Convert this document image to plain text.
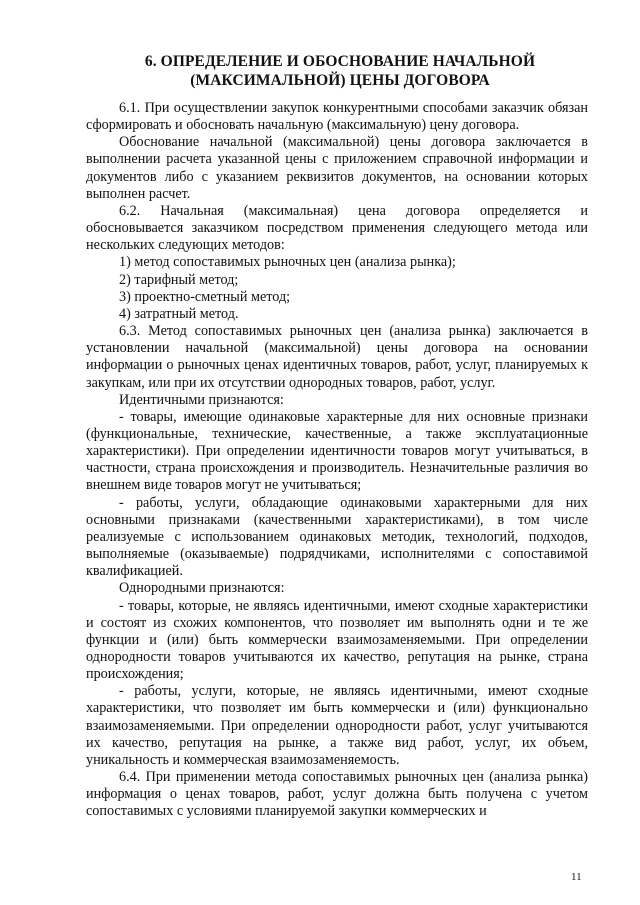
6. ОПРЕДЕЛЕНИЕ И ОБОСНОВАНИЕ НАЧАЛЬНОЙ
(МАКСИМАЛЬНОЙ) ЦЕНЫ ДОГОВОРА

6.1. При осуществлении закупок конкурентными способами заказчик обязан сформировать и обосновать начальную (максимальную) цену договора.

Обоснование начальной (максимальной) цены договора заключается в выполнении расчета указанной цены с приложением справочной информации и документов либо с указанием реквизитов документов, на основании которых выполнен расчет.

6.2. Начальная (максимальная) цена договора определяется и обосновывается заказчиком посредством применения следующего метода или нескольких следующих методов:

1) метод сопоставимых рыночных цен (анализа рынка);

2) тарифный метод;

3) проектно-сметный метод;

4) затратный метод.

6.3. Метод сопоставимых рыночных цен (анализа рынка) заключается в установлении начальной (максимальной) цены договора на основании информации о рыночных ценах идентичных товаров, работ, услуг, планируемых к закупкам, или при их отсутствии однородных товаров, работ, услуг.

Идентичными признаются:

- товары, имеющие одинаковые характерные для них основные признаки (функциональные, технические, качественные, а также эксплуатационные характеристики). При определении идентичности товаров могут учитываться, в частности, страна происхождения и производитель. Незначительные различия во внешнем виде товаров могут не учитываться;

- работы, услуги, обладающие одинаковыми характерными для них основными признаками (качественными характеристиками), в том числе реализуемые с использованием одинаковых методик, технологий, подходов, выполняемые (оказываемые) подрядчиками, исполнителями с сопоставимой квалификацией.

Однородными признаются:

- товары, которые, не являясь идентичными, имеют сходные характеристики и состоят из схожих компонентов, что позволяет им выполнять одни и те же функции и (или) быть коммерчески взаимозаменяемыми. При определении однородности товаров учитываются их качество, репутация на рынке, страна происхождения;

- работы, услуги, которые, не являясь идентичными, имеют сходные характеристики, что позволяет им быть коммерчески и (или) функционально взаимозаменяемыми. При определении однородности работ, услуг учитываются их качество, репутация на рынке, а также вид работ, услуг, их объем, уникальность и коммерческая взаимозаменяемость.

6.4. При применении метода сопоставимых рыночных цен (анализа рынка) информация о ценах товаров, работ, услуг должна быть получена с учетом сопоставимых с условиями планируемой закупки коммерческих и

11
